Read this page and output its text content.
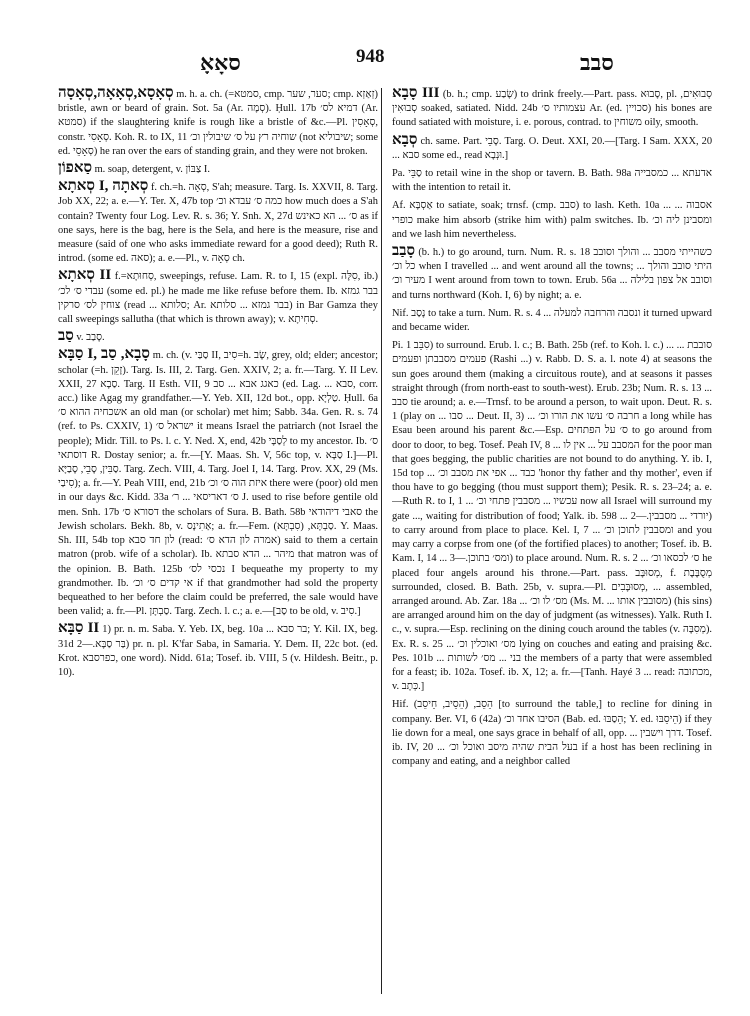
סאָאָ	948	סבב

סְאָסָא,סְאָאָה,סְאָסָה m. h. a. ch. (=סמטא, cmp. סער, שער; cmp. זְאַזְא) bristle, awn or beard of grain. Sot. 5a (Ar. סְמָה). Ḥull. 17b דמיא לס׳ (Ar. סמטא) if the slaughtering knife is rough like a bristle of &c.—Pl. סְאָסִין, constr. סְאָסִי. Koh. R. to IX, 11 שוחיה רץ על ס׳ שיבולין וכ׳ (not שיבוליא; some ed. סְאָסֵי) he ran over the ears of standing grain, and they were not broken.

סַאפוֹן m. soap, detergent, v. צַבּוֹן I.

סְאתָא I, סְאתָה f. ch.=h. סְאָה, S'ah; measure. Targ. Is. XXVII, 8. Targ. Job XX, 22; a. e.—Y. Ter. X, 47b top כמה ס׳ עבדא וכ׳ how much does a S'ah contain? Twenty four Log. Lev. R. s. 36; Y. Snh. X, 27d ס׳ ... הא כאינש as if one says, here is the bag, here is the Sela, and here is the measure, rise and measure (said of one who asks immediate reward for a good deed); Ruth R. introd. (some ed. סאה); a. e.—Pl., v. סְאָה ch.

סְאתָא II f.=סְחוּתָא, sweepings, refuse. Lam. R. to I, 15 (expl. סִלָּה, ib.) עבדי ס׳ לכ׳ (some ed. pl.) he made me like refuse before them. Ib. בבר גמזא צוחין לס׳ סרקין (read ... סלותא; Ar. בבר גמזא ... סלותא) in Bar Gamza they call sweepings sallutha (that which is thrown away); v. סְחִיתָא.

סַב v. סָבַב.

סַבָּא I, סָבָא, סַב m. ch. (v. סַבַּי II, סִיב=h. שָׂב, grey, old; elder; ancestor; scholar (=h. זָקֵן). Targ. Is. III, 2. Targ. Gen. XXIV, 2; a. fr.—Targ. Y. II Lev. XXII, 27 סַבָא. Targ. II Esth. VII, 9 כאגג אבא ... סב (ed. Lag. ... סבא, corr. acc.) like Agag my grandfather.—Y. Yeb. XII, 12d bot., opp. טַלְיָא. Ḥull. 6a אשכחיה ההוא ס׳ an old man (or scholar) met him; Sabb. 34a. Gen. R. s. 74 (ref. to Ps. CXXIV, 1) ישראל ס׳ it means Israel the patriarch (not Israel the people); Midr. Till. to Ps. l. c. Y. Ned. X, end, 42b לְסַבָּי to my ancestor. Ib. ס׳ דוסתאי R. Dostay senior; a. fr.—[Y. Maas. Sh. V, 56c top, v. סַבָּא I.]—Pl. סַבִּין, סָבֵי, סָבַיָּא. Targ. Zech. VIII, 4. Targ. Joel I, 14. Targ. Prov. XX, 29 (Ms. סִיבַי); a. fr.—Y. Peah VIII, end, 21b איזת הוה ס׳ וכ׳ there were (poor) old men in our days &c. Kidd. 33a ס׳ דאריסאי ... ר׳ J. used to rise before gentile old men. Snh. 17b דסורא ס׳ the scholars of Sura. B. Bath. 58b סאבי דיהודאי the Jewish scholars. Bekh. 8b, v. אַתִינָס; a. fr.—Fem. סַבְתָּא, (סִבְתָּא). Y. Maas. Sh. III, 54b top לון חד סבא (read: אמרה לון הדא ס׳) said to them a certain matron (prob. wife of a scholar). Ib. מיהר ... הדא סבתא that matron was of the opinion. B. Bath. 125b נכסי לס׳ I bequeathe my property to my grandmother. Ib. אי קדים ס׳ וכ׳ if that grandmother had sold the property bequeathed to her before the claim could be preferred, the sale would have been valid; a. fr.—Pl. סַבְתָּן. Targ. Zech. l. c.; a. e.—[סַב to be old, v. סִיב.]

סַבָּא II 1) pr. n. m. Saba. Y. Yeb. IX, beg. 10a ... בר סבא; Y. Kil. IX, beg. 31d בַּר סַבָּא.—2) pr. n. pl. K'far Saba, in Samaria. Y. Dem. II, 22c bot. (ed. Krot. כפרסבא, one word). Nidd. 61a; Tosef. ib. VIII, 5 (v. Hildesh. Beitr., p. 10).

סָבָא III (b. h.; cmp. שָׂבַע) to drink freely.—Part. pass. סָבוּא, pl. סְבוּאִים, סְבוּאִין soaked, satiated. Nidd. 24b עצמותיו ס׳ Ar. (ed. סכויין) his bones are found satiated with moisture, i. e. porous, contrad. to משוחין oily, smooth.

סְבָא ch. same. Part. סָבֵי. Targ. O. Deut. XXI, 20.—[Targ. I Sam. XXX, 20 ... סבא some ed., read וּנְבָא.]

Pa. סַבֵּי to retail wine in the shop or tavern. B. Bath. 98a אדעתא ... כמסבייה with the intention to retail it.

Af. אַסְבָּא to satiate, soak; trnsf. (cmp. סבב) to lash. Keth. 10a ... אסבוה ... כופרי make him absorb (strike him with) palm switches. Ib. ומסבינן ליה וכ׳ and we lash him nevertheless.

סָבַב (b. h.) to go around, turn. Num. R. s. 18 כשהייתי מסבב ... והולך וסובב כל וכ׳ when I travelled ... and went around all the towns; ... היתי סובב והולך מעיר וכ׳ I went around from town to town. Erub. 56a ... וסובב אל צפון בלילה and turns northward (Koh. I, 6) by night; a. e.

Nif. נָסַב to take a turn. Num. R. s. 4 ... ונסבה והרחבה למעלה it turned upward and became wider.

Pi. סִבֵּב 1) to surround. Erub. l. c.; B. Bath. 25b (ref. to Koh. l. c.) ... סובבת ... פעמים מסבבתן ופעמים (Rashi ...) v. Rabb. D. S. a. l. note 4) at seasons the sun goes around them (making a circuitous route), and at seasons it passes straight through (from north-east to south-west). Erub. 23b; Num. R. s. 13 ... סבב tie around; a. e.—Trnsf. to be around a person, to wait upon. Deut. R. s. 1 (play on ... סבו ... Deut. II, 3) ... חרבה ס׳ עשו את הורו וכ׳ a long while has Esau been around his parent &c.—Esp. ס׳ על הפתחים to go around from door to door, to beg. Tosef. Peah IV, 8 ... המסבב על ... אין לו for the poor man that goes begging, the public charities are not bound to do anything. Y. ib. I, 15d top ... כבד ... אפי את מסבב וכ׳ 'honor thy father and thy mother', even if thou have to go begging (thou must support them); Pesik. R. s. 23–24; a. e.—Ruth R. to I, 1 ... עכשיו ... מסבבין פתחי וכ׳ now all Israel will surround my gate ..., waiting for distribution of food; Yalk. ib. 598 ... יורדי ... מסבבין.—2) to carry around from place to place. Kel. I, 7 ... ומסבבין לתוכן וכ׳ and you may carry a corpse from one (of the fortified places) to another; Tosef. ib. B. Kam. I, 14 ... ומס׳ בתוכן.—3) to place around. Num. R. s. 2 ... ס׳ לכסאו וכ׳ he placed four angels around his throne.—Part. pass. מְסוּבָּב, f. מְסֻבֶּבֶת surrounded, closed. B. Bath. 25b, v. supra.—Pl. מְסוּבָּבִים, ... assembled, arranged around. Ab. Zar. 18a ... מס׳ לו וכ׳ (Ms. M. ... מסובבין אותו) (his sins) are arranged around him on the day of judgment (as witnesses). Yalk. Ruth I. c., v. supra.—Esp. reclining on the dining couch around the tables (v. מְסִבָּה). Ex. R. s. 25 ... מס׳ ואוכלין וכ׳ lying on couches and eating and praising &c. Pes. 101b ... בני ... מס׳ לשותות the members of a party that were assembled for a feast; ib. 102a. Tosef. ib. X, 12; a. fr.—[Tanh. Hayé 3 ... read: מכתובה, v. כְּתָב.]

Hif. הֵסֵב, (הֵסֵיב, חֵיסֵב) [to surround the table,] to recline for dining in company. Ber. VI, 6 (42a) הסיבו אחד וכ׳ (Bab. ed. הֵסַבּוּ; Y. ed. הֵיסֵבּוּ) if they lie down for a meal, one says grace in behalf of all, opp. ... דרך וישבין. Tosef. ib. IV, 20 ... בעל הבית שהיה מיסב ואוכל וכ׳ if a host has been reclining in company and eating, and a neighbor called
